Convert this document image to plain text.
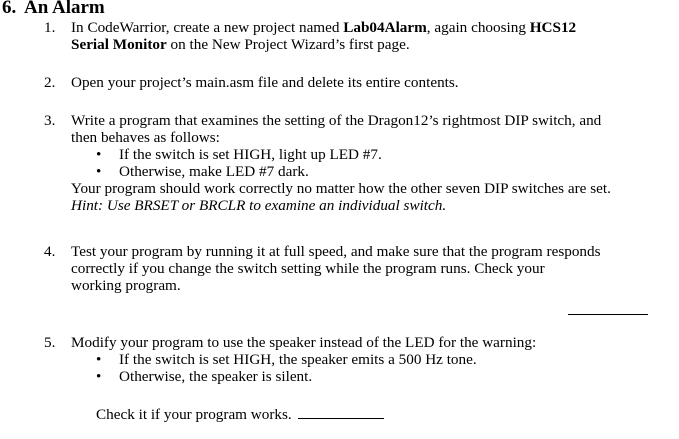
6. An Alarm
1. In CodeWarrior, create a new project named Lab04Alarm, again choosing HCS12
Serial Monitor on the New Project Wizard’s first page.
2. Open your project’s main.asm file and delete its entire contents.
3. Write a program that examines the setting of the Dragon12’s rightmost DIP switch, and
then behaves as follows:
• If the switch is set HIGH, light up LED #7.
• Otherwise, make LED #7 dark.
Your program should work correctly no matter how the other seven DIP switches are set.
Hint: Use BRSET or BRCLR to examine an individual switch.
4. Test your program by running it at full speed, and make sure that the program responds
correctly if you change the switch setting while the program runs. Check your
working program.
5. Modify your program to use the speaker instead of the LED for the warning:
• If the switch is set HIGH, the speaker emits a 500 Hz tone.
• Otherwise, the speaker is silent.
Check it if your program works.
